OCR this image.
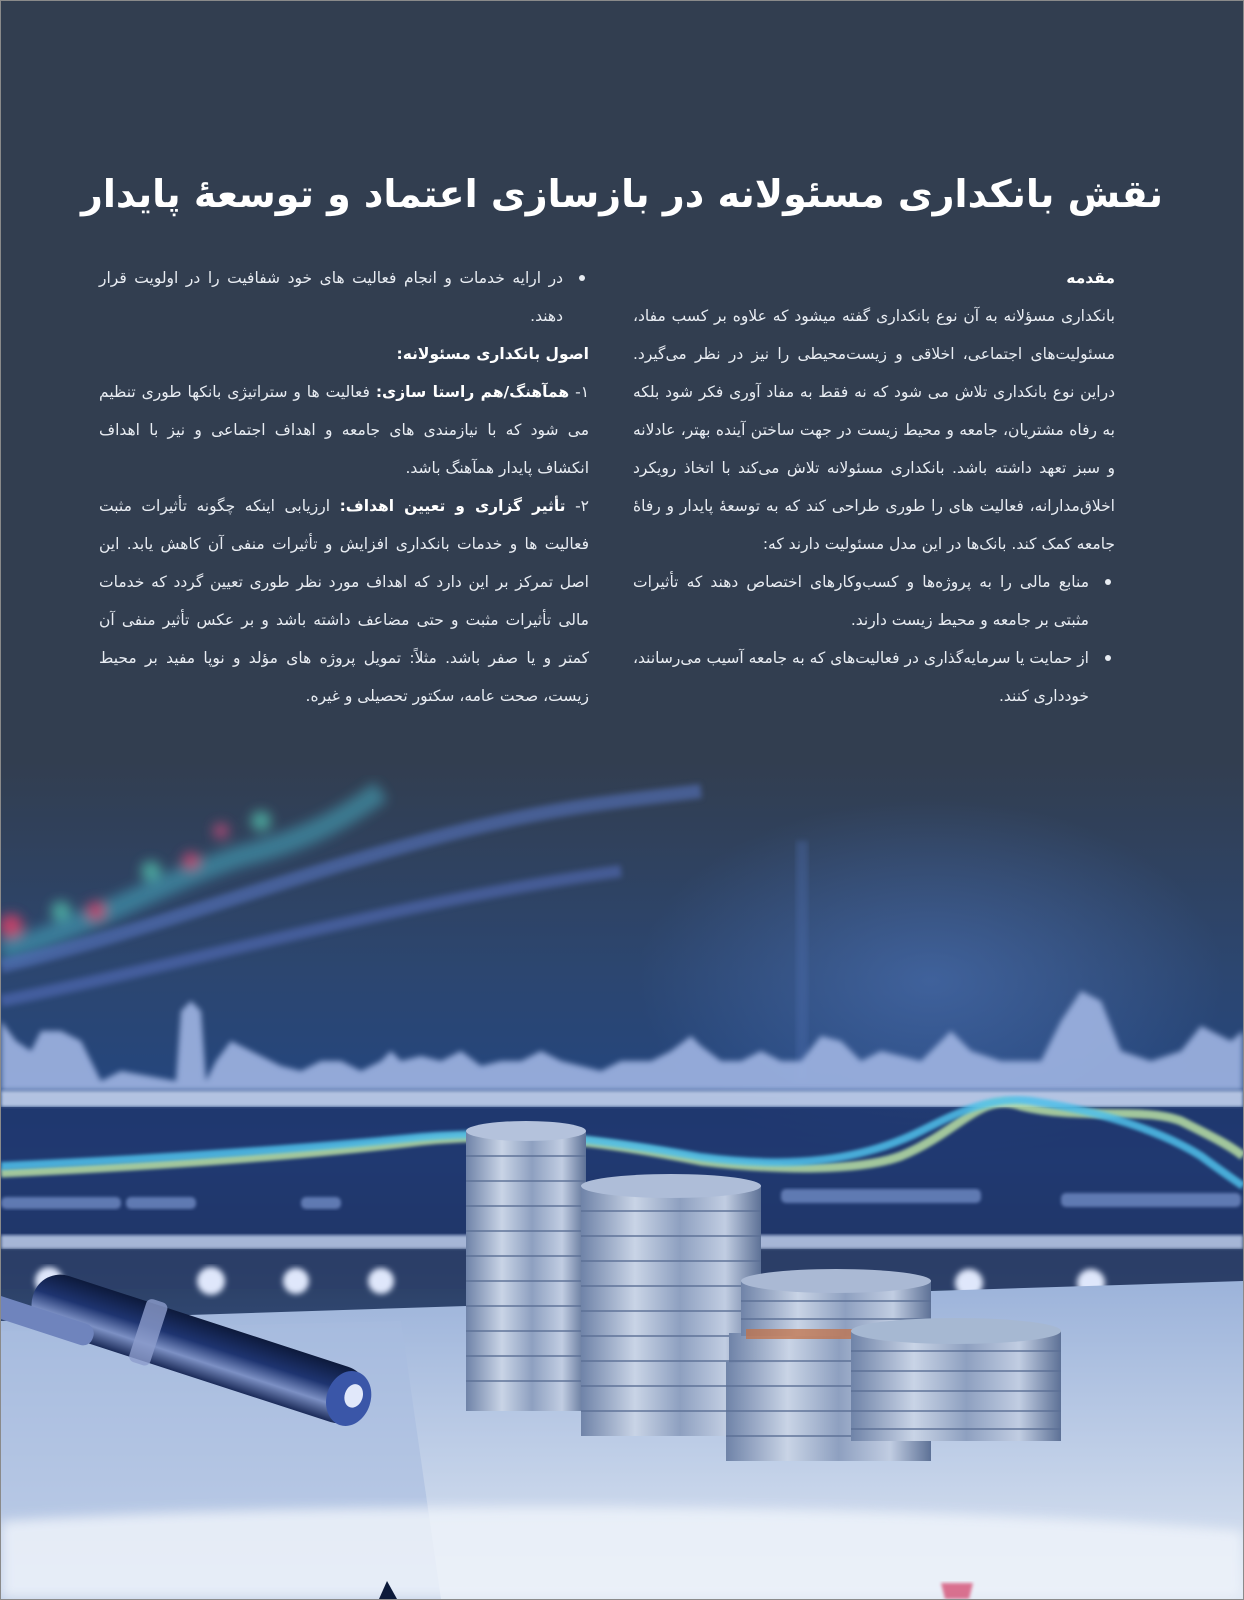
نقش بانکداری مسئولانه در بازسازی اعتماد و توسعهٔ پایدار
مقدمه

بانکداری مسؤلانه به آن نوع بانکداری گفته میشود که علاوه بر کسب مفاد، مسئولیت‌های اجتماعی، اخلاقی و زیست‌محیطی را نیز در نظر می‌گیرد. دراین نوع بانکداری تلاش می شود که نه فقط به مفاد آوری فکر شود بلکه به رفاه مشتریان، جامعه و محیط زیست در جهت ساختن آینده بهتر، عادلانه و سبز تعهد داشته باشد. بانکداری مسئولانه تلاش می‌کند با اتخاذ رویکرد اخلاق‌مدارانه، فعالیت های را طوری طراحی کند که به توسعهٔ پایدار و رفاهٔ جامعه کمک کند. بانک‌ها در این مدل مسئولیت دارند که:

منابع مالی را به پروژه‌ها و کسب‌وکارهای اختصاص دهند که تأثیرات مثبتی بر جامعه و محیط زیست دارند.
از حمایت یا سرمایه‌گذاری در فعالیت‌های که به جامعه آسیب می‌رسانند، خودداری کنند.
در ارایه خدمات و انجام فعالیت های خود شفافیت را در اولویت قرار دهند.
اصول بانکداری مسئولانه:

۱- همآهنگ/هم راستا سازی: فعالیت ها و ستراتیژی بانکها طوری تنظیم می شود که با نیازمندی های جامعه و اهداف اجتماعی و نیز با اهداف انکشاف پایدار همآهنگ باشد.

۲- تأثیر گزاری و تعیین اهداف: ارزیابی اینکه چگونه تأثیرات مثبت فعالیت ها و خدمات بانکداری افزایش و تأثیرات منفی آن کاهش یابد. این اصل تمرکز بر این دارد که اهداف مورد نظر طوری تعیین گردد که خدمات مالی تأثیرات مثبت و حتی مضاعف داشته باشد و بر عکس تأثیر منفی آن کمتر و یا صفر باشد. مثلاً: تمویل پروژه های مؤلد و نوپا مفید بر محیط زیست، صحت عامه، سکتور تحصیلی و غیره.
